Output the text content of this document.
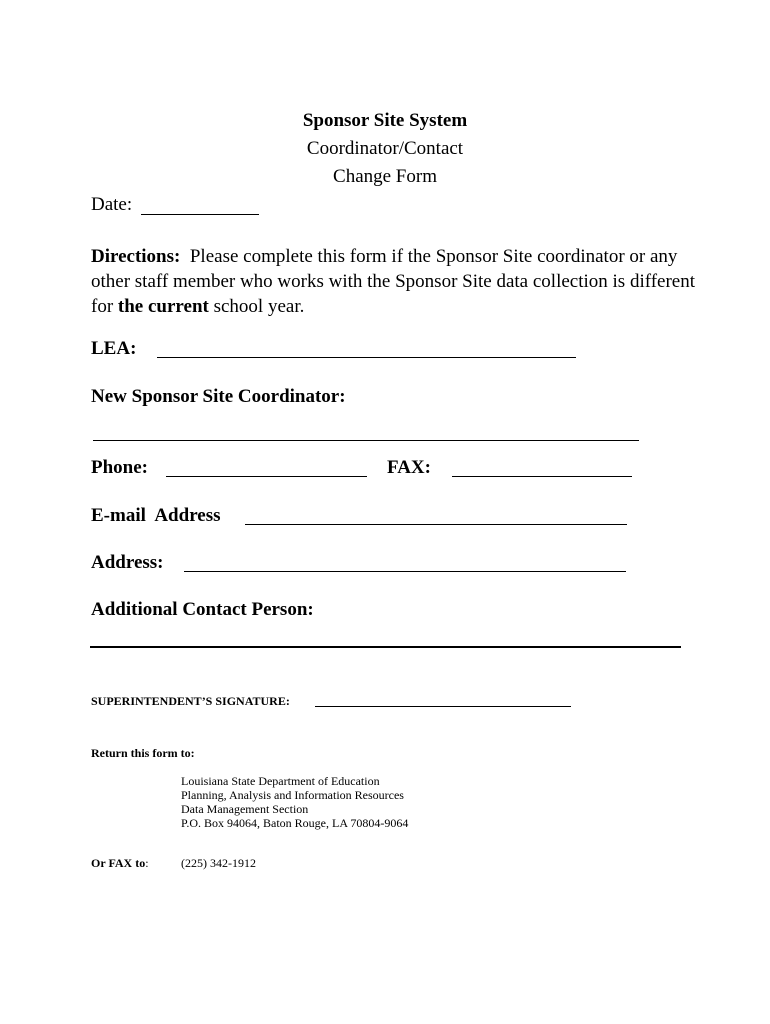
Sponsor Site System
Coordinator/Contact
Change Form
Date:
Directions: Please complete this form if the Sponsor Site coordinator or any other staff member who works with the Sponsor Site data collection is different for the current school year.
LEA:
New Sponsor Site Coordinator:
Phone:	FAX:
E-mail  Address
Address:
Additional Contact Person:
SUPERINTENDENT’S SIGNATURE:
Return this form to:
Louisiana State Department of Education
Planning, Analysis and Information Resources
Data Management Section
P.O. Box 94064, Baton Rouge, LA 70804-9064
Or FAX to:	(225) 342-1912
